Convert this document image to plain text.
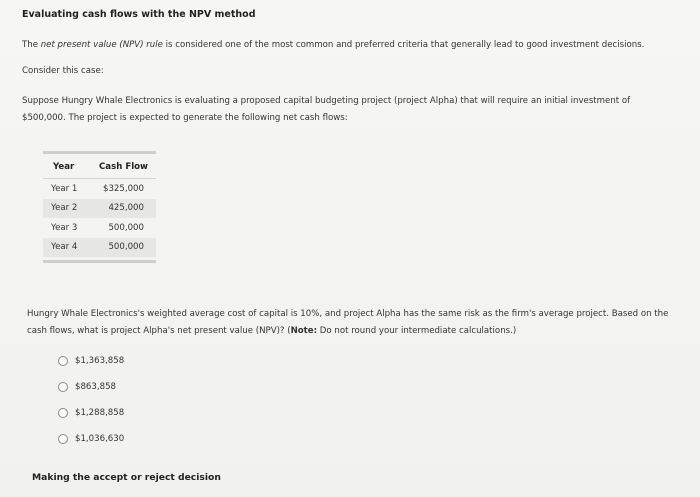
Evaluating cash flows with the NPV method
The net present value (NPV) rule is considered one of the most common and preferred criteria that generally lead to good investment decisions.
Consider this case:
Suppose Hungry Whale Electronics is evaluating a proposed capital budgeting project (project Alpha) that will require an initial investment of
$500,000. The project is expected to generate the following net cash flows:
Year	Cash Flow
Year 1	$325,000
Year 2	425,000
Year 3	500,000
Year 4	500,000
Hungry Whale Electronics's weighted average cost of capital is 10%, and project Alpha has the same risk as the firm's average project. Based on the
cash flows, what is project Alpha's net present value (NPV)? (Note: Do not round your intermediate calculations.)
$1,363,858
$863,858
$1,288,858
$1,036,630
Making the accept or reject decision
